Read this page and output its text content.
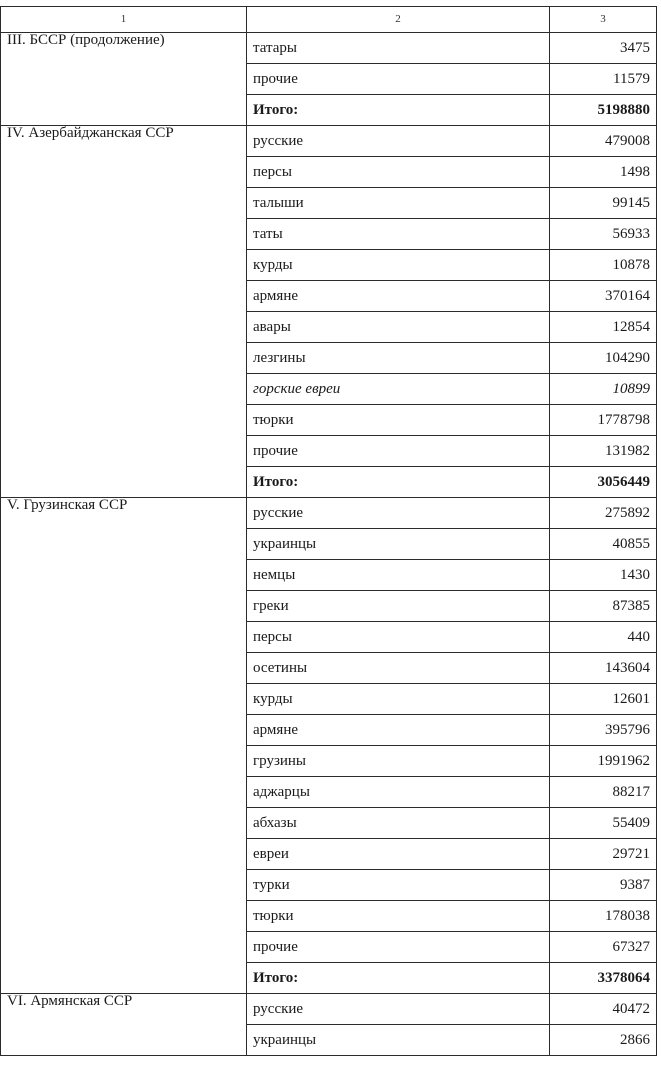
1	2	3
III. БССР (продолжение)	татары	3475
	прочие	11579
	Итого:	5198880
IV. Азербайджанская ССР	русские	479008
	персы	1498
	талыши	99145
	таты	56933
	курды	10878
	армяне	370164
	авары	12854
	лезгины	104290
	горские евреи	10899
	тюрки	1778798
	прочие	131982
	Итого:	3056449
V. Грузинская ССР	русские	275892
	украинцы	40855
	немцы	1430
	греки	87385
	персы	440
	осетины	143604
	курды	12601
	армяне	395796
	грузины	1991962
	аджарцы	88217
	абхазы	55409
	евреи	29721
	турки	9387
	тюрки	178038
	прочие	67327
	Итого:	3378064
VI. Армянская ССР	русские	40472
	украинцы	2866
